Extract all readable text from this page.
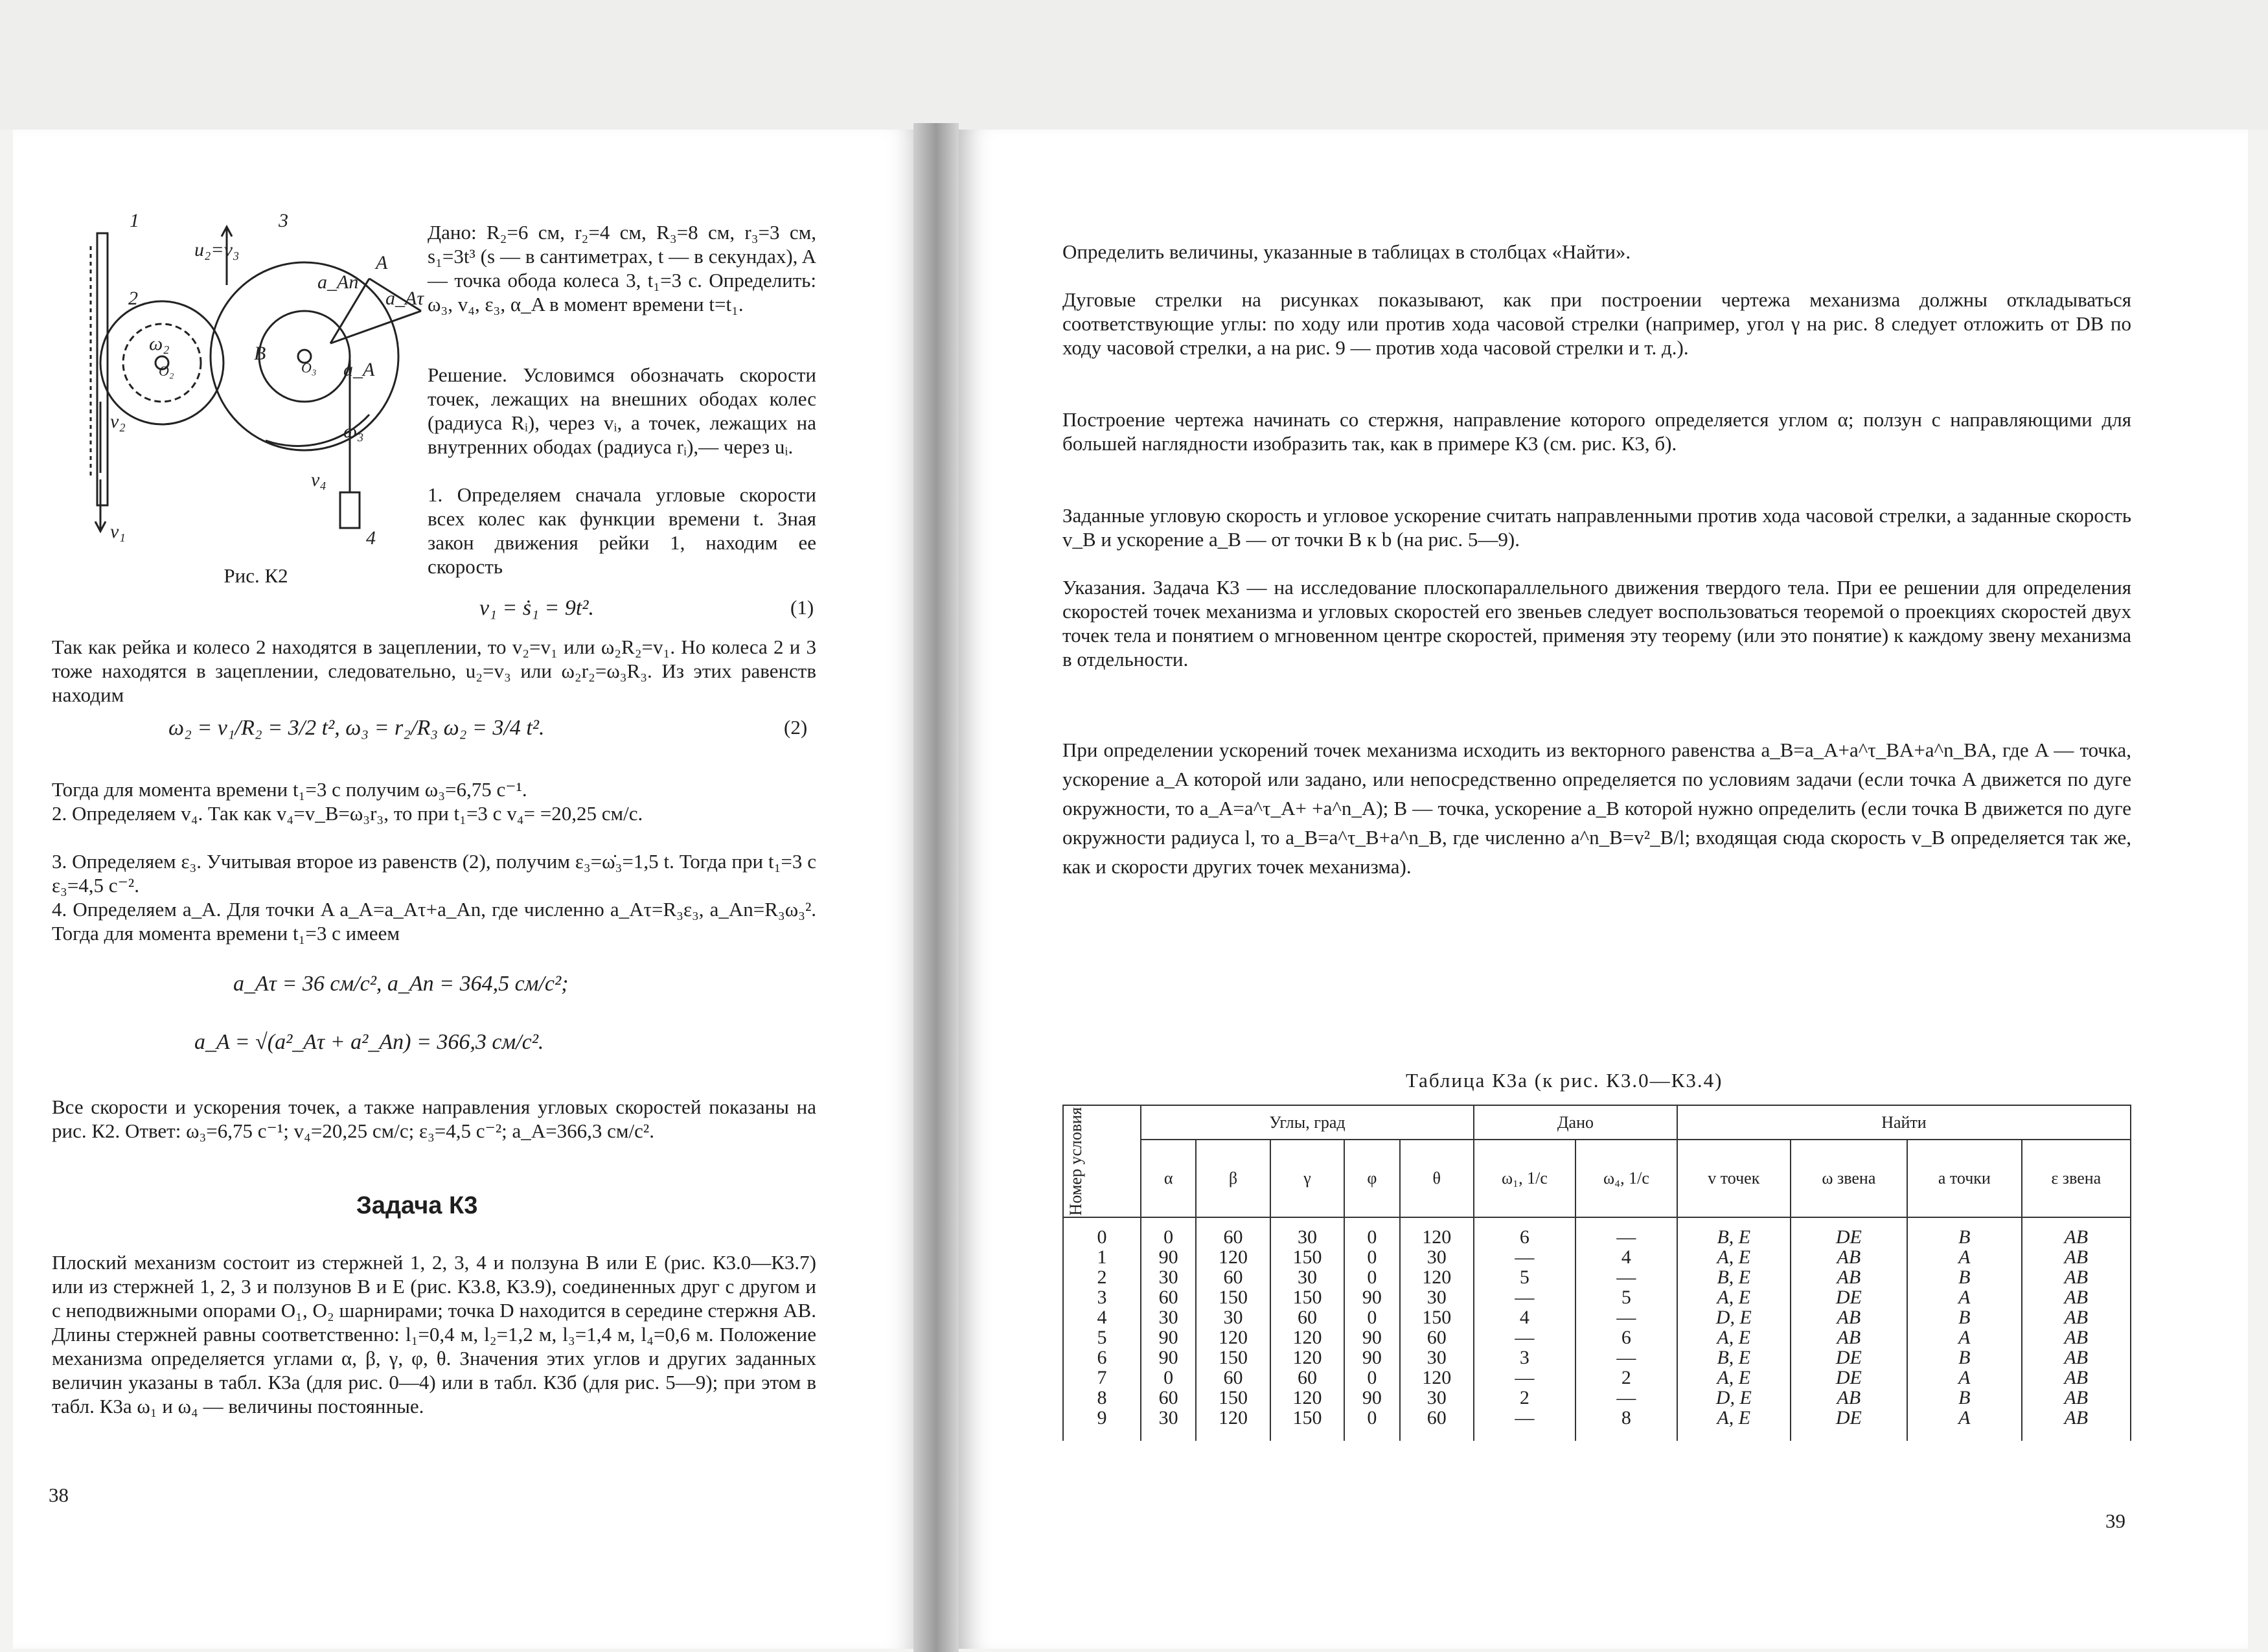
1
2
3
4
u₂=v₃
A
B
a_An
a_Aτ
a_A
ω₂
ω₃
v₂
v₁
v₄
O₂	O₃

Дано: R₂=6 см, r₂=4 см, R₃=8 см, r₃=3 см, s₁=3t³ (s — в сантиметрах, t — в секундах), A — точка обода колеса 3, t₁=3 с. Определить: ω₃, v₄, ε₃, α_A в момент времени t=t₁.

Решение. Условимся обозначать скорости точек, лежащих на внешних ободах колес (радиуса Rᵢ), через vᵢ, а точек, лежащих на внутренних ободах (радиуса rᵢ),— через uᵢ.

1. Определяем сначала угловые скорости всех колес как функции времени t. Зная закон движения рейки 1, находим ее скорость

Рис. К2

v₁ = ṡ₁ = 9t².	(1)

Так как рейка и колесо 2 находятся в зацеплении, то v₂=v₁ или ω₂R₂=v₁. Но колеса 2 и 3 тоже находятся в зацеплении, следовательно, u₂=v₃ или ω₂r₂=ω₃R₃. Из этих равенств находим

ω₂ = v₁/R₂ = 3/2 t², ω₃ = r₂/R₃ ω₂ = 3/4 t².	(2)

Тогда для момента времени t₁=3 с получим ω₃=6,75 с⁻¹.

2. Определяем v₄. Так как v₄=v_B=ω₃r₃, то при t₁=3 с v₄= =20,25 см/с.

3. Определяем ε₃. Учитывая второе из равенств (2), получим ε₃=ω̇₃=1,5 t. Тогда при t₁=3 с ε₃=4,5 с⁻².

4. Определяем a_A. Для точки A a_A=a_Aτ+a_An, где численно a_Aτ=R₃ε₃, a_An=R₃ω₃². Тогда для момента времени t₁=3 с имеем

a_Aτ = 36 см/с², a_An = 364,5 см/с²;
a_A = √(a²_Aτ + a²_An) = 366,3 см/с².

Все скорости и ускорения точек, а также направления угловых скоростей показаны на рис. К2. Ответ: ω₃=6,75 с⁻¹; v₄=20,25 см/с; ε₃=4,5 с⁻²; a_A=366,3 см/с².

Задача К3

Плоский механизм состоит из стержней 1, 2, 3, 4 и ползуна B или E (рис. К3.0—К3.7) или из стержней 1, 2, 3 и ползунов B и E (рис. К3.8, К3.9), соединенных друг с другом и с неподвижными опорами O₁, O₂ шарнирами; точка D находится в середине стержня AB. Длины стержней равны соответственно: l₁=0,4 м, l₂=1,2 м, l₃=1,4 м, l₄=0,6 м. Положение механизма определяется углами α, β, γ, φ, θ. Значения этих углов и других заданных величин указаны в табл. К3а (для рис. 0—4) или в табл. К3б (для рис. 5—9); при этом в табл. К3а ω₁ и ω₄ — величины постоянные.

38

Определить величины, указанные в таблицах в столбцах «Найти».

Дуговые стрелки на рисунках показывают, как при построении чертежа механизма должны откладываться соответствующие углы: по ходу или против хода часовой стрелки (например, угол γ на рис. 8 следует отложить от DB по ходу часовой стрелки, а на рис. 9 — против хода часовой стрелки и т. д.).

Построение чертежа начинать со стержня, направление которого определяется углом α; ползун с направляющими для большей наглядности изобразить так, как в примере К3 (см. рис. К3, б).

Заданные угловую скорость и угловое ускорение считать направленными против хода часовой стрелки, а заданные скорость v_B и ускорение a_B — от точки B к b (на рис. 5—9).

Указания. Задача К3 — на исследование плоскопараллельного движения твердого тела. При ее решении для определения скоростей точек механизма и угловых скоростей его звеньев следует воспользоваться теоремой о проекциях скоростей двух точек тела и понятием о мгновенном центре скоростей, применяя эту теорему (или это понятие) к каждому звену механизма в отдельности.

При определении ускорений точек механизма исходить из векторного равенства a_B=a_A+a^τ_BA+a^n_BA, где A — точка, ускорение a_A которой или задано, или непосредственно определяется по условиям задачи (если точка A движется по дуге окружности, то a_A=a^τ_A+ +a^n_A); B — точка, ускорение a_B которой нужно определить (если точка B движется по дуге окружности радиуса l, то a_B=a^τ_B+a^n_B, где численно a^n_B=v²_B/l; входящая сюда скорость v_B определяется так же, как и скорости других точек механизма).

Таблица К3а (к рис. К3.0—К3.4)
Номер условия	Углы, град					Дано		Найти			
	α	β	γ	φ	θ	ω₁, 1/с	ω₄, 1/с	v точек	ω звена	a точки	ε звена
0	0	60	30	0	120	6	—	B, E	DE	B	AB
1	90	120	150	0	30	—	4	A, E	AB	A	AB
2	30	60	30	0	120	5	—	B, E	AB	B	AB
3	60	150	150	90	30	—	5	A, E	DE	A	AB
4	30	30	60	0	150	4	—	D, E	AB	B	AB
5	90	120	120	90	60	—	6	A, E	AB	A	AB
6	90	150	120	90	30	3	—	B, E	DE	B	AB
7	0	60	60	0	120	—	2	A, E	DE	A	AB
8	60	150	120	90	30	2	—	D, E	AB	B	AB
9	30	120	150	0	60	—	8	A, E	DE	A	AB

39
